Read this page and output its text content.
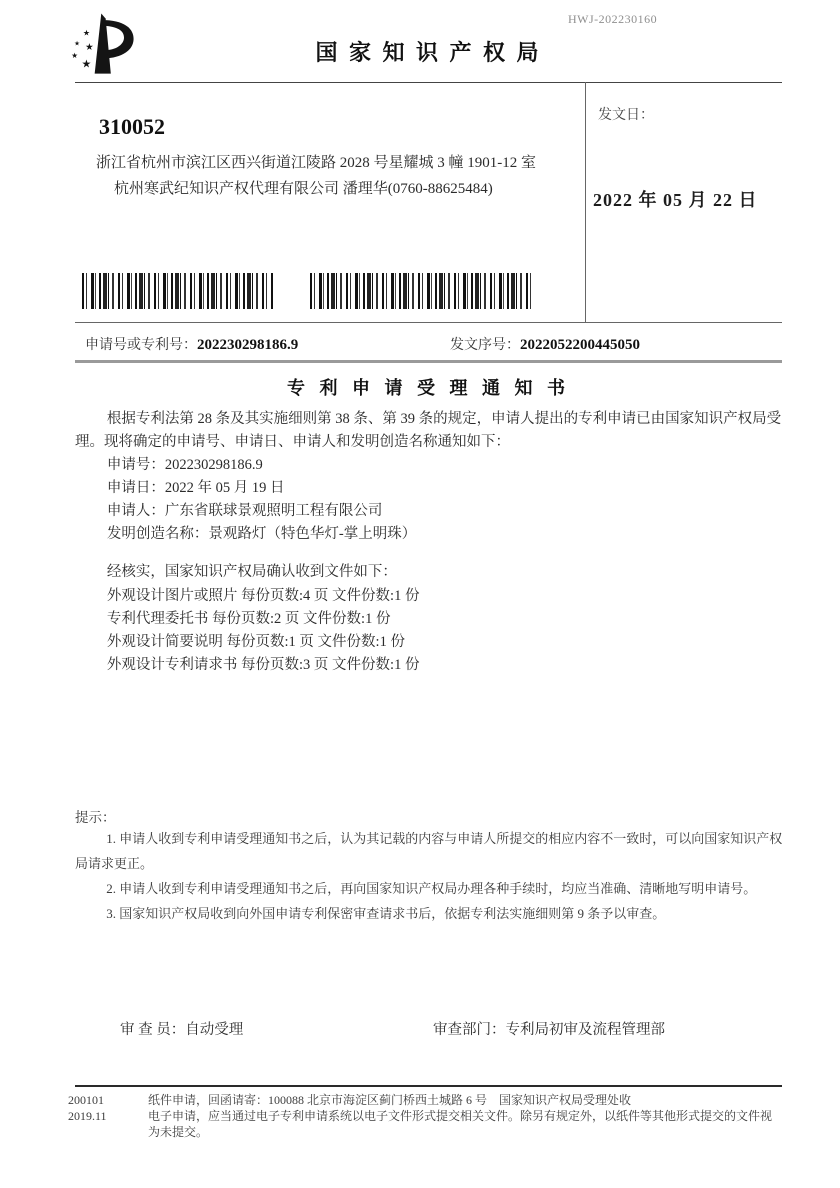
HWJ-202230160
★
★ ★
★
★	国 家 知 识 产 权 局
310052
浙江省杭州市滨江区西兴街道江陵路 2028 号星耀城 3 幢 1901-12 室
杭州寒武纪知识产权代理有限公司 潘理华(0760-88625484)
发文日：
2022 年 05 月 22 日
申请号或专利号：202230298186.9	发文序号：2022052200445050
专 利 申 请 受 理 通 知 书

根据专利法第 28 条及其实施细则第 38 条、第 39 条的规定，申请人提出的专利申请已由国家知识产权局受理。现将确定的申请号、申请日、申请人和发明创造名称通知如下：

申请号：202230298186.9
申请日：2022 年 05 月 19 日
申请人：广东省联球景观照明工程有限公司
发明创造名称：景观路灯（特色华灯-掌上明珠）
经核实，国家知识产权局确认收到文件如下：
外观设计图片或照片 每份页数:4 页 文件份数:1 份
专利代理委托书 每份页数:2 页 文件份数:1 份
外观设计简要说明 每份页数:1 页 文件份数:1 份
外观设计专利请求书 每份页数:3 页 文件份数:1 份
提示：

1. 申请人收到专利申请受理通知书之后，认为其记载的内容与申请人所提交的相应内容不一致时，可以向国家知识产权局请求更正。

2. 申请人收到专利申请受理通知书之后，再向国家知识产权局办理各种手续时，均应当准确、清晰地写明申请号。

3. 国家知识产权局收到向外国申请专利保密审查请求书后，依据专利法实施细则第 9 条予以审查。

审 查 员：自动受理	审查部门：专利局初审及流程管理部
200101	纸件申请，回函请寄：100088 北京市海淀区蓟门桥西土城路 6 号　国家知识产权局受理处收
2019.11	电子申请，应当通过电子专利申请系统以电子文件形式提交相关文件。除另有规定外，以纸件等其他形式提交的文件视为未提交。
